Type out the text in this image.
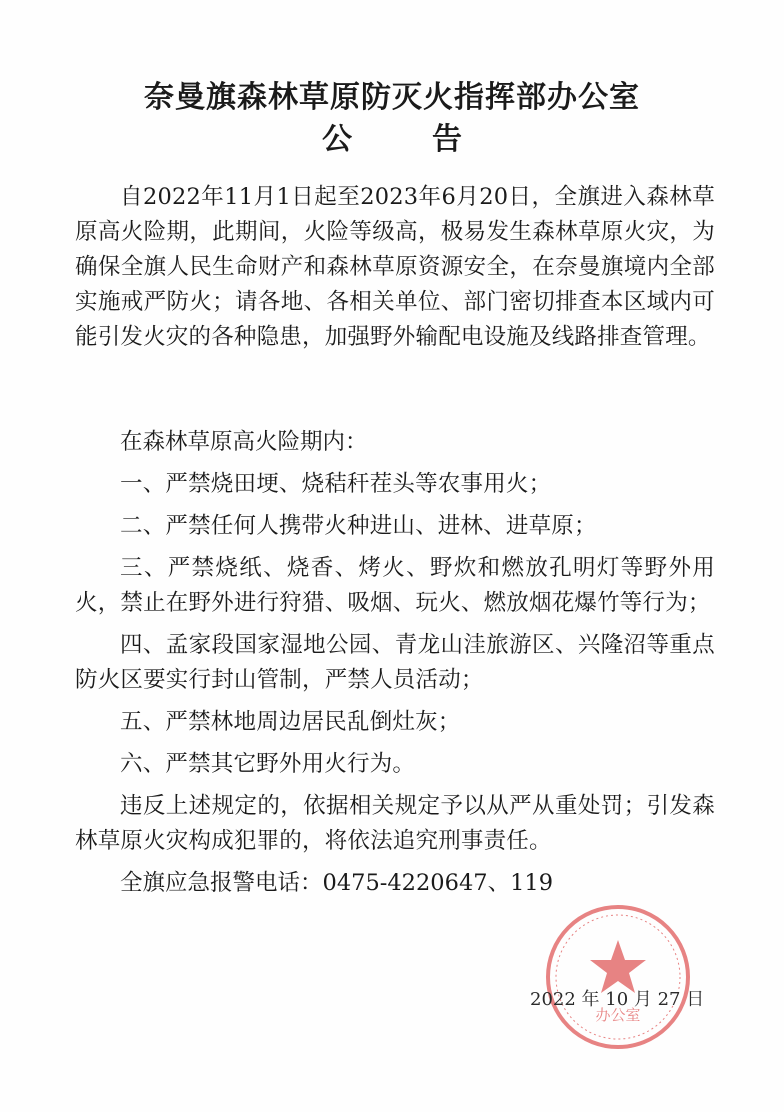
奈曼旗森林草原防灭火指挥部办公室
公	告

自2022年11月1日起至2023年6月20日，全旗进入森林草原高火险期，此期间，火险等级高，极易发生森林草原火灾，为确保全旗人民生命财产和森林草原资源安全，在奈曼旗境内全部实施戒严防火；请各地、各相关单位、部门密切排查本区域内可能引发火灾的各种隐患，加强野外输配电设施及线路排查管理。

在森林草原高火险期内：

一、严禁烧田埂、烧秸秆茬头等农事用火；

二、严禁任何人携带火种进山、进林、进草原；

三、严禁烧纸、烧香、烤火、野炊和燃放孔明灯等野外用火，禁止在野外进行狩猎、吸烟、玩火、燃放烟花爆竹等行为；

四、孟家段国家湿地公园、青龙山洼旅游区、兴隆沼等重点防火区要实行封山管制，严禁人员活动；

五、严禁林地周边居民乱倒灶灰；

六、严禁其它野外用火行为。

违反上述规定的，依据相关规定予以从严从重处罚；引发森林草原火灾构成犯罪的，将依法追究刑事责任。

全旗应急报警电话：0475-4220647、119
办公室
2022 年 10 月 27 日
